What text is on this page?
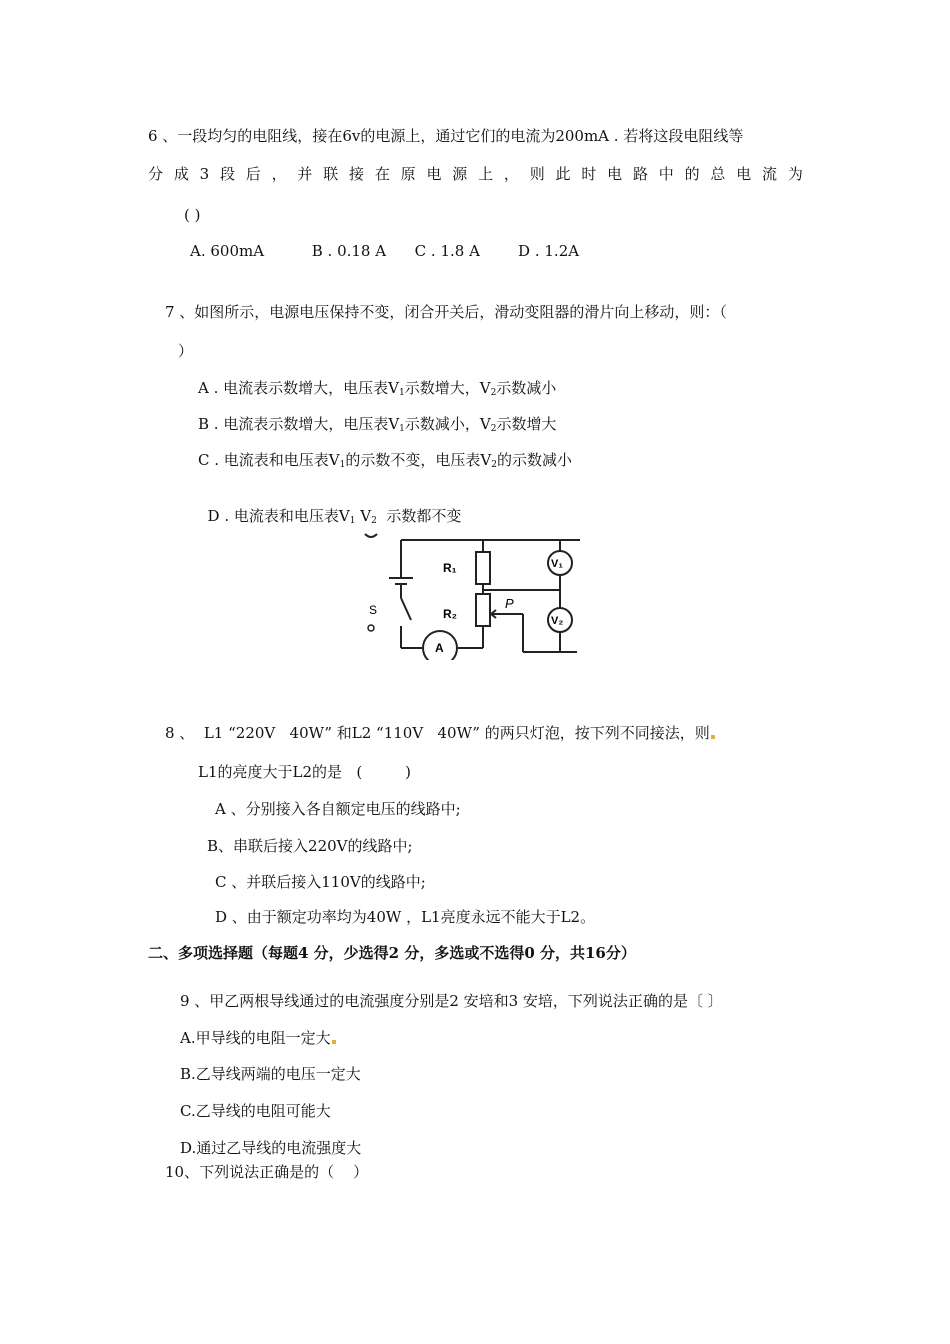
6 、一段均匀的电阻线，接在6v的电源上，通过它们的电流为200mA . 若将这段电阻线等
分 成 3 段 后 ， 并 联 接 在 原 电 源 上 ， 则 此 时 电 路 中 的 总 电 流 为
( )
A. 600mA          B . 0.18 A      C . 1.8 A        D . 1.2A
7 、如图所示，电源电压保持不变，闭合开关后，滑动变阻器的滑片向上移动，则：（
）
A . 电流表示数增大，电压表$V_1$示数增大，$V_2$示数减小
B . 电流表示数增大，电压表$V_1$示数减小，$V_2$示数增大
C . 电流表和电压表$V_1$的示数不变，电压表$V_2$的示数减小

D . 电流表和电压表$V_1$ $V_2$  示数都不变

R₁
R₂
P
S
V₁
V₂
A
8 、  L1 “220V   40W” 和L2 “110V   40W” 的两只灯泡，按下列不同接法，则
L1的亮度大于L2的是   (         )
A 、分别接入各自额定电压的线路中;
B、串联后接入220V的线路中;
C 、并联后接入110V的线路中;
D 、由于额定功率均为40W ，L1亮度永远不能大于L2。
二、多项选择题（每题4 分，少选得2 分，多选或不选得0 分，共16分）
9 、甲乙两根导线通过的电流强度分别是2 安培和3 安培，下列说法正确的是〔 〕
A.甲导线的电阻一定大
B.乙导线两端的电压一定大
C.乙导线的电阻可能大
D.通过乙导线的电流强度大
10、下列说法正确是的（    ）
